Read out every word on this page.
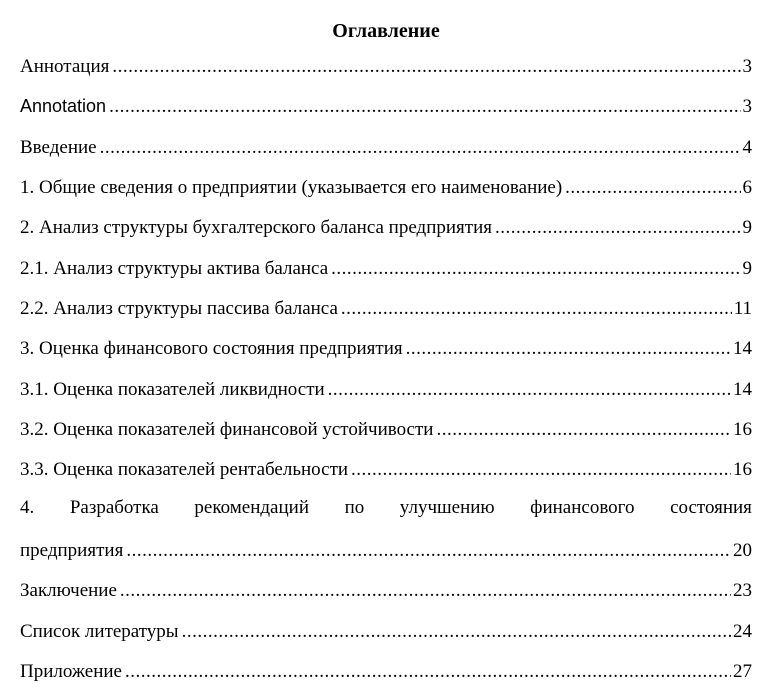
Оглавление
Аннотация .....	3
Annotation .....	3
Введение .....	4
1. Общие сведения о предприятии (указывается его наименование) .....	6
2. Анализ структуры бухгалтерского баланса предприятия .....	9
2.1. Анализ структуры актива баланса .....	9
2.2. Анализ структуры пассива баланса .....	11
3. Оценка финансового состояния предприятия .....	14
3.1. Оценка показателей ликвидности .....	14
3.2. Оценка показателей финансовой устойчивости .....	16
3.3. Оценка показателей рентабельности .....	16
4. Разработка рекомендаций по улучшению финансового состояния
предприятия .....	20
Заключение .....	23
Список литературы .....	24
Приложение .....	27
